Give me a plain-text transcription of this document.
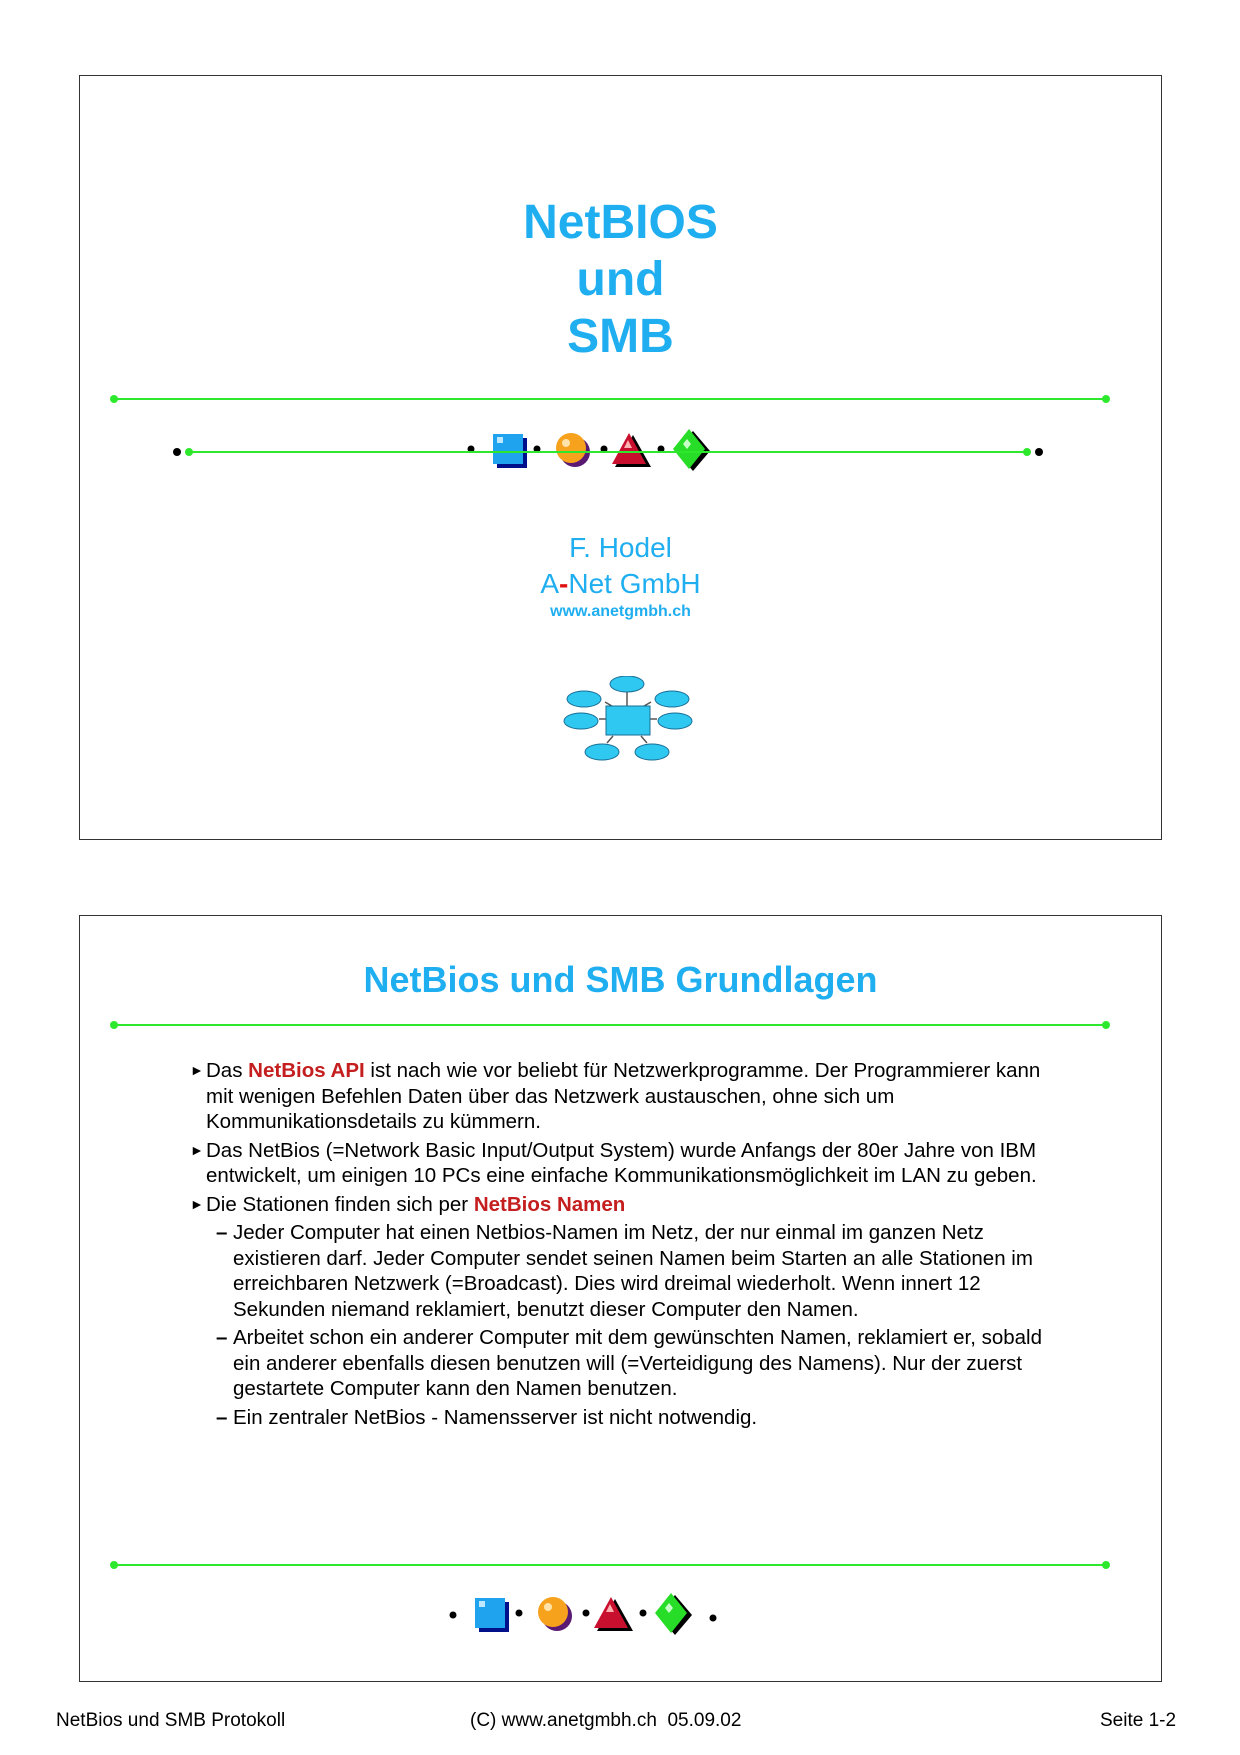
NetBIOS
und
SMB
F. Hodel
A-Net GmbH
www.anetgmbh.ch
NetBios und SMB Grundlagen
► Das NetBios API ist nach wie vor beliebt für Netzwerkprogramme. Der Programmierer kann mit wenigen Befehlen Daten über das Netzwerk austauschen, ohne sich um Kommunikationsdetails zu kümmern.
► Das NetBios (=Network Basic Input/Output System) wurde Anfangs der 80er Jahre von IBM entwickelt, um einigen 10 PCs eine einfache Kommunikationsmöglichkeit im LAN zu geben.
► Die Stationen finden sich per NetBios Namen
– Jeder Computer hat einen Netbios-Namen im Netz, der nur einmal im ganzen Netz existieren darf. Jeder Computer sendet seinen Namen beim Starten an alle Stationen im erreichbaren Netzwerk (=Broadcast). Dies wird dreimal wiederholt. Wenn innert 12 Sekunden niemand reklamiert, benutzt dieser Computer den Namen.
– Arbeitet schon ein anderer Computer mit dem gewünschten Namen, reklamiert er, sobald ein anderer ebenfalls diesen benutzen will (=Verteidigung des Namens). Nur der zuerst gestartete Computer kann den Namen benutzen.
– Ein zentraler NetBios - Namensserver ist nicht notwendig.
NetBios und SMB Protokoll	(C) www.anetgmbh.ch  05.09.02	Seite 1-2
